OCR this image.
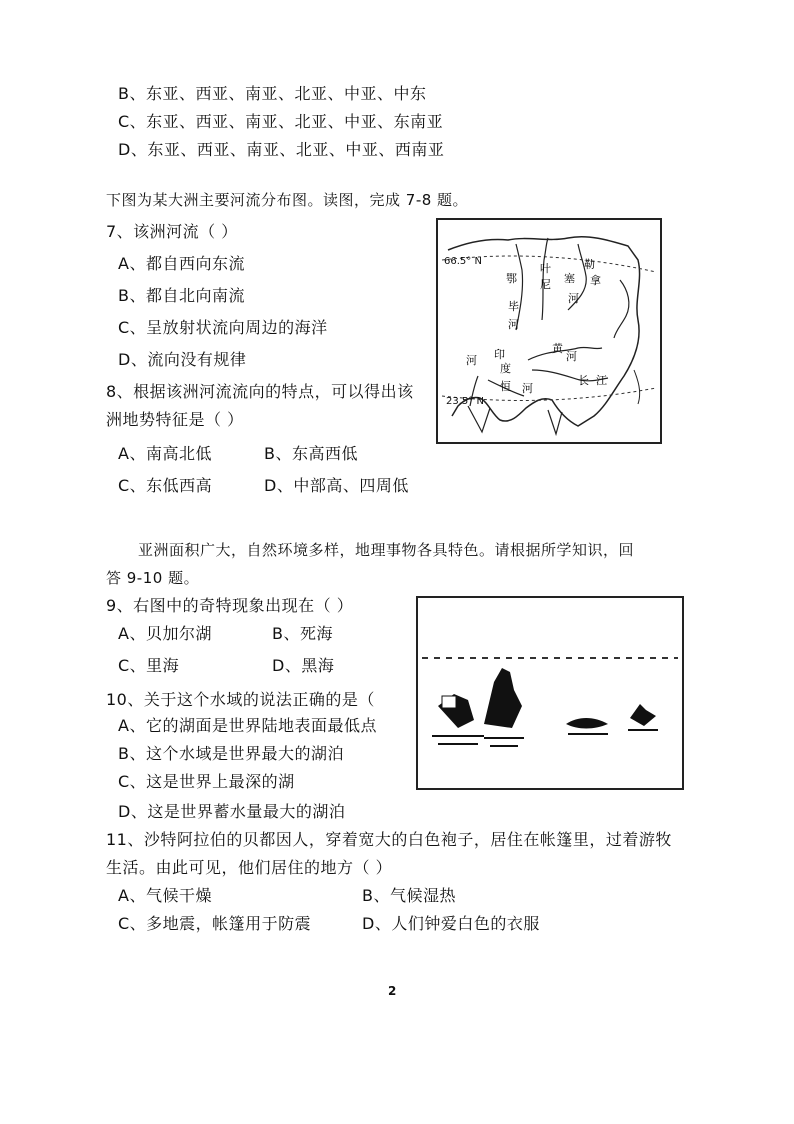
B、东亚、西亚、南亚、北亚、中亚、中东
C、东亚、西亚、南亚、北亚、中亚、东南亚
D、东亚、西亚、南亚、北亚、中亚、西南亚
下图为某大洲主要河流分布图。读图，完成 7-8 题。
7、该洲河流（ ）
A、都自西向东流
B、都自北向南流
C、呈放射状流向周边的海洋
D、流向没有规律
8、根据该洲河流流向的特点，可以得出该
洲地势特征是（ ）
A、南高北低	B、东高西低
C、东低西高	D、中部高、四周低
66.5° N
23.5° N
叶
尼 塞
勒
拿
河
鄂
毕
河
黄
河
长 江
印
度
河
恒 河
亚洲面积广大，自然环境多样，地理事物各具特色。请根据所学知识，回
答 9-10 题。
9、右图中的奇特现象出现在（ ）
A、贝加尔湖	B、死海
C、里海	D、黑海
10、关于这个水域的说法正确的是（
A、它的湖面是世界陆地表面最低点
B、这个水域是世界最大的湖泊
C、这是世界上最深的湖
D、这是世界蓄水量最大的湖泊
11、沙特阿拉伯的贝都因人，穿着宽大的白色袍子，居住在帐篷里，过着游牧
生活。由此可见，他们居住的地方（ ）
A、气候干燥	B、气候湿热
C、多地震，帐篷用于防震	D、人们钟爱白色的衣服
2
